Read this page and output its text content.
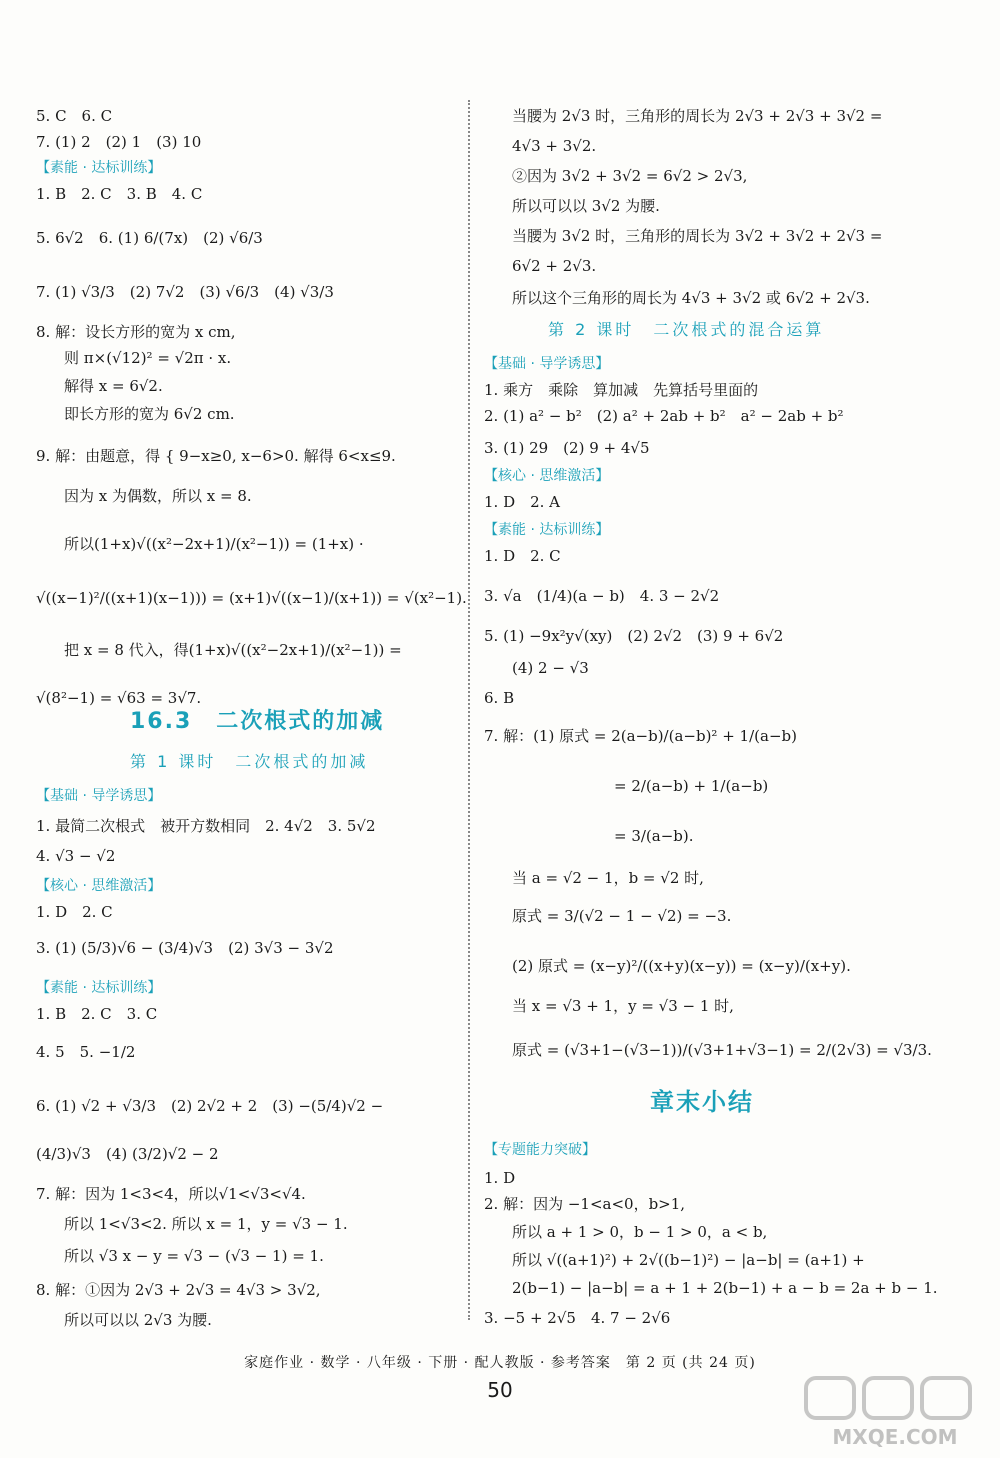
5. C　6. C
7. (1) 2　(2) 1　(3) 10
【素能 · 达标训练】
1. B　2. C　3. B　4. C
5. 6√2　6. (1) 6/(7x)　(2) √6/3
7. (1) √3/3　(2) 7√2　(3) √6/3　(4) √3/3
8. 解：设长方形的宽为 x cm,
则 π×(√12)² = √2π · x.
解得 x = 6√2.
即长方形的宽为 6√2 cm.
9. 解：由题意，得 { 9−x≥0, x−6>0. 解得 6<x≤9.
因为 x 为偶数，所以 x = 8.
所以(1+x)√((x²−2x+1)/(x²−1)) = (1+x) ·
√((x−1)²/((x+1)(x−1))) = (x+1)√((x−1)/(x+1)) = √(x²−1).
把 x = 8 代入，得(1+x)√((x²−2x+1)/(x²−1)) =
√(8²−1) = √63 = 3√7.
【基础 · 导学诱思】
1. 最简二次根式　被开方数相同　2. 4√2　3. 5√2
4. √3 − √2
【核心 · 思维激活】
1. D　2. C
3. (1) (5/3)√6 − (3/4)√3　(2) 3√3 − 3√2
【素能 · 达标训练】
1. B　2. C　3. C
4. 5　5. −1/2
6. (1) √2 + √3/3　(2) 2√2 + 2　(3) −(5/4)√2 −
(4/3)√3　(4) (3/2)√2 − 2
7. 解：因为 1<3<4，所以√1<√3<√4.
所以 1<√3<2. 所以 x = 1，y = √3 − 1.
所以 √3 x − y = √3 − (√3 − 1) = 1.
8. 解：①因为 2√3 + 2√3 = 4√3 > 3√2,
所以可以以 2√3 为腰.
当腰为 2√3 时，三角形的周长为 2√3 + 2√3 + 3√2 =
4√3 + 3√2.
②因为 3√2 + 3√2 = 6√2 > 2√3,
所以可以以 3√2 为腰.
当腰为 3√2 时，三角形的周长为 3√2 + 3√2 + 2√3 =
6√2 + 2√3.
所以这个三角形的周长为 4√3 + 3√2 或 6√2 + 2√3.
【基础 · 导学诱思】
1. 乘方　乘除　算加减　先算括号里面的
2. (1) a² − b²　(2) a² + 2ab + b²　a² − 2ab + b²
3. (1) 29　(2) 9 + 4√5
【核心 · 思维激活】
1. D　2. A
【素能 · 达标训练】
1. D　2. C
3. √a　(1/4)(a − b)　4. 3 − 2√2
5. (1) −9x²y√(xy)　(2) 2√2　(3) 9 + 6√2
(4) 2 − √3
6. B
7. 解：(1) 原式 = 2(a−b)/(a−b)² + 1/(a−b)
= 2/(a−b) + 1/(a−b)
= 3/(a−b).
当 a = √2 − 1，b = √2 时,
原式 = 3/(√2 − 1 − √2) = −3.
(2) 原式 = (x−y)²/((x+y)(x−y)) = (x−y)/(x+y).
当 x = √3 + 1，y = √3 − 1 时,
原式 = (√3+1−(√3−1))/(√3+1+√3−1) = 2/(2√3) = √3/3.
【专题能力突破】
1. D
2. 解：因为 −1<a<0，b>1,
所以 a + 1 > 0，b − 1 > 0，a < b,
所以 √((a+1)²) + 2√((b−1)²) − |a−b| = (a+1) +
2(b−1) − |a−b| = a + 1 + 2(b−1) + a − b = 2a + b − 1.
3. −5 + 2√5　4. 7 − 2√6
16.3　二次根式的加减
第 1 课时　二次根式的加减
第 2 课时　二次根式的混合运算
章末小结
家庭作业 · 数学 · 八年级 · 下册 · 配人教版 · 参考答案　第 2 页 (共 24 页)
50
MXQE.COM
